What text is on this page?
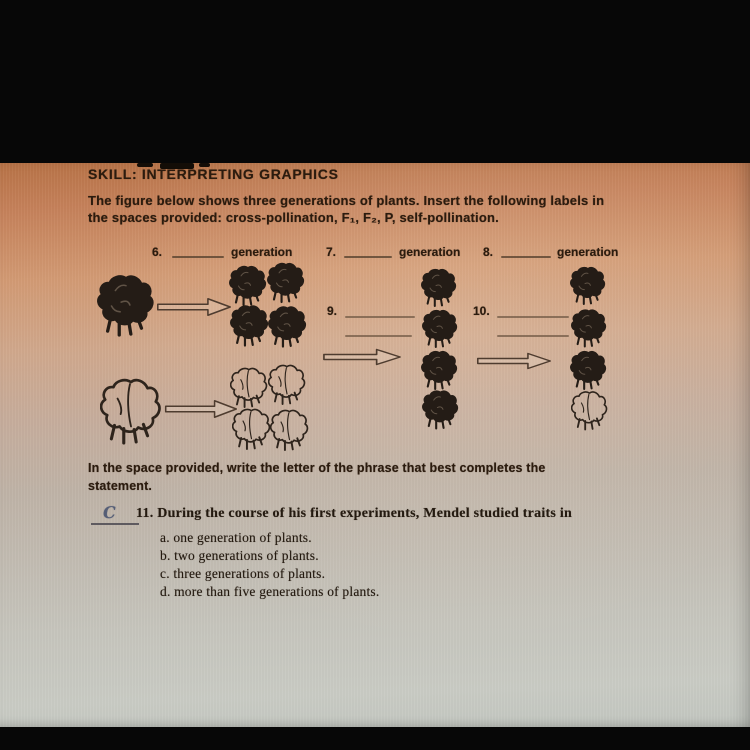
SKILL: INTERPRETING GRAPHICS
The figure below shows three generations of plants. Insert the following labels in
the spaces provided: cross-pollination, F₁, F₂, P, self-pollination.
6.	generation	7.	generation 8.	generation
9.	10.
In the space provided, write the letter of the phrase that best completes the
statement.
C 11. During the course of his first experiments, Mendel studied traits in
a. one generation of plants.
b. two generations of plants.
c. three generations of plants.
d. more than five generations of plants.
